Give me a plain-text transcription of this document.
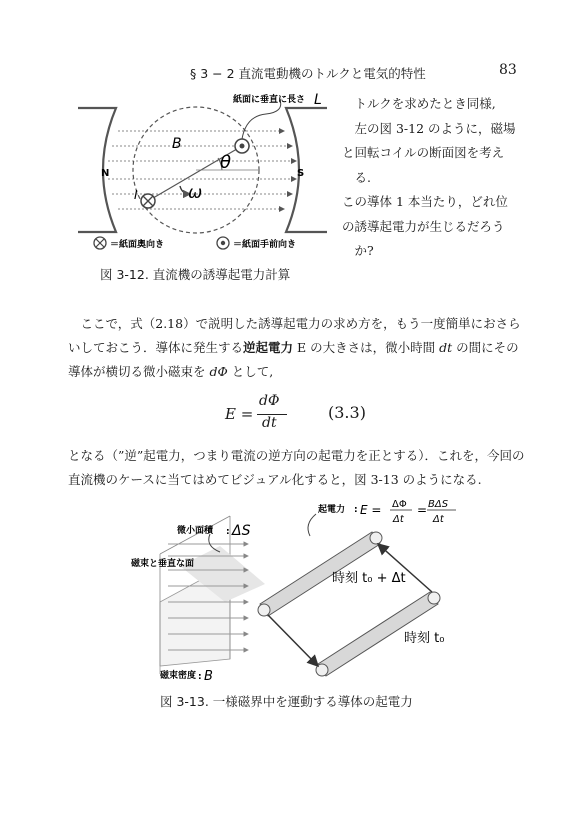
§ 3 − 2 直流電動機のトルクと電気的特性	83
紙面に垂直に長さ L
B
θ
ω
I
N	S
＝紙面奥向き	＝紙面手前向き
図 3-12. 直流機の誘導起電力計算

　トルクを求めたとき同様,

　左の図 3-12 のように，磁場

と回転コイルの断面図を考え

　る.

この導体 1 本当たり，どれ位

の誘導起電力が生じるだろう

　か?

　ここで，式（2.18）で説明した誘導起電力の求め方を，もう一度簡単におさら

いしておこう．導体に発生する逆起電力 E の大きさは，微小時間 dt の間にその

導体が横切る微小磁束を dΦ として,

E =
dΦ
dt
(3.3)

となる（”逆”起電力，つまり電流の逆方向の起電力を正とする）．これを，今回の

直流機のケースに当てはめてビジュアル化すると，図 3-13 のようになる.

微小面積 : ΔS
磁束と垂直な面
起電力 : E = ΔΦ
Δt
= BΔS
Δt
時刻 t₀ + Δt
時刻 t₀
磁束密度 : B
図 3-13. 一様磁界中を運動する導体の起電力
